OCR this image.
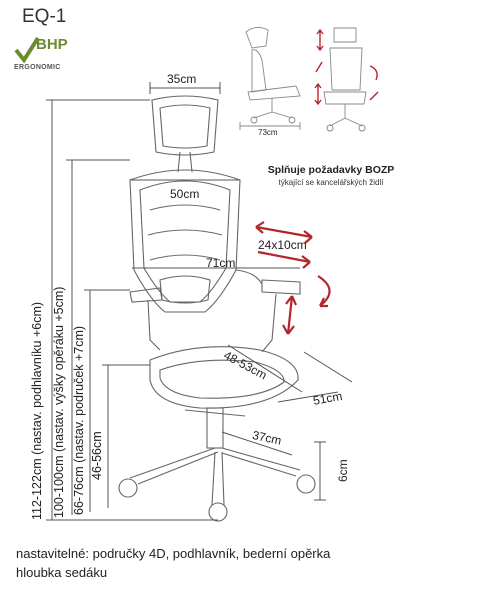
EQ-1
BHP
ERGONOMIC
35cm
50cm
24x10cm
71cm
48-53cm
51cm
37cm
6cm
73cm
112-122cm (nastav. podhlavníku +6cm) 100-100cm (nastav. výšky opěráku +5cm) 66-76cm (nastav. područek +7cm) 46-56cm
Splňuje požadavky BOZP
týkající se kancelářských židlí
nastavitelné: područky 4D, podhlavník, bederní opěrka
hloubka sedáku
